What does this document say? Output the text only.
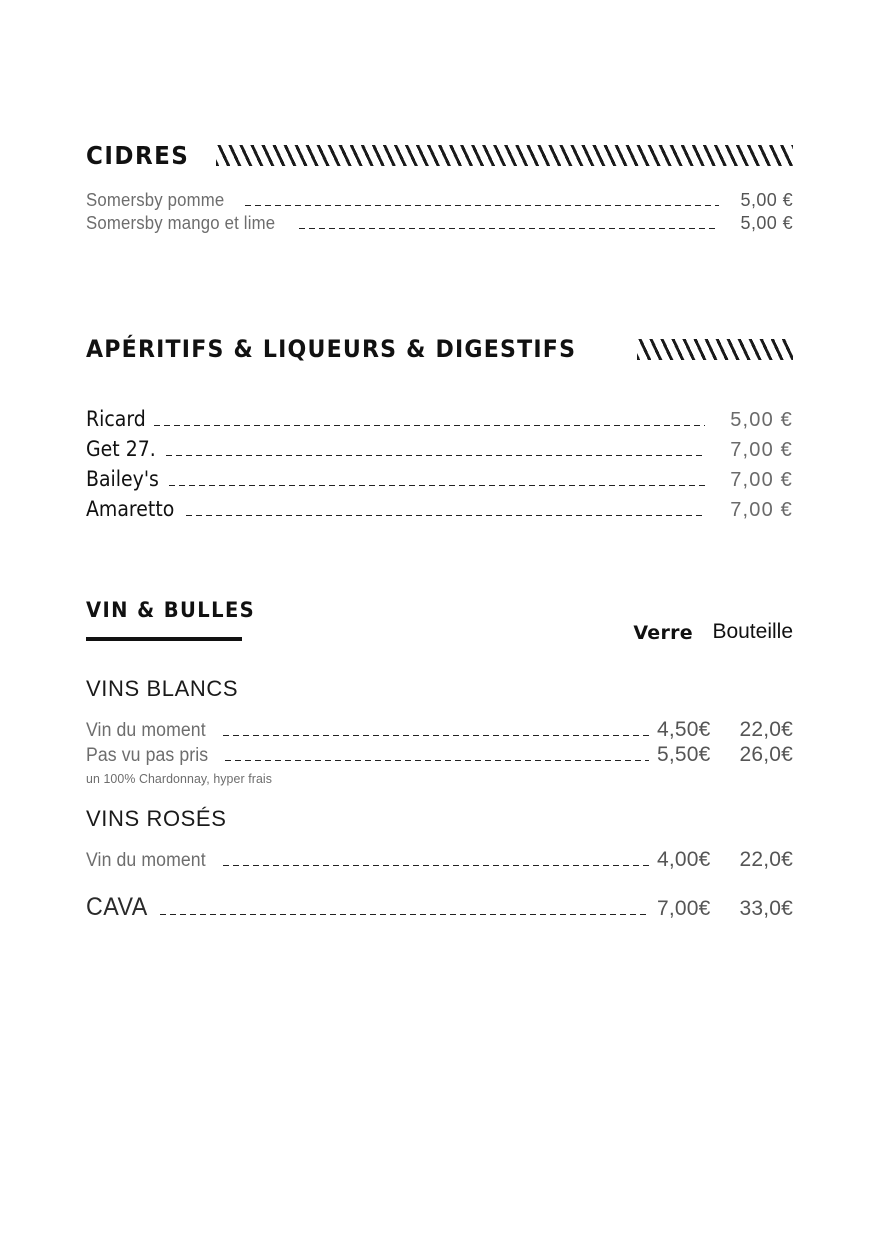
CIDRES
Somersby pomme	5,00 €
Somersby mango et lime	5,00 €
APÉRITIFS & LIQUEURS & DIGESTIFS
Ricard	5,00 €
Get 27.	7,00 €
Bailey's	7,00 €
Amaretto	7,00 €
VIN & BULLES
Verre Bouteille
VINS BLANCS
Vin du moment	4,50€	22,0€
Pas vu pas pris	5,50€	26,0€
un 100% Chardonnay, hyper frais
VINS ROSÉS
Vin du moment	4,00€	22,0€
CAVA	7,00€	33,0€
